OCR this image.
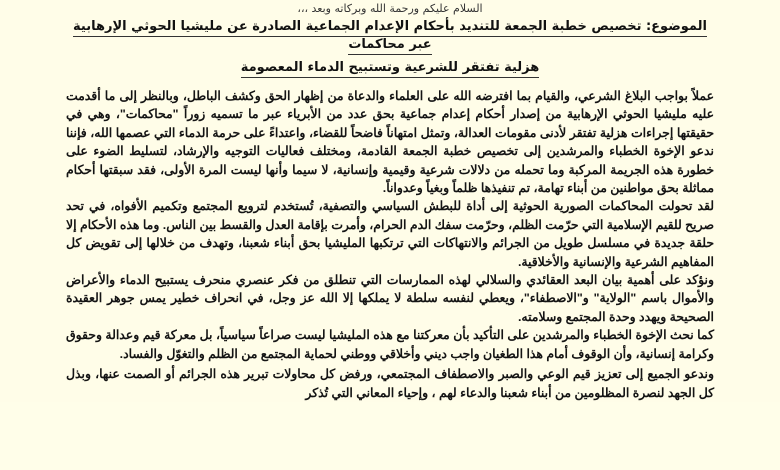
السلام عليكم ورحمة الله وبركاته وبعد ،،،
الموضوع: تخصيص خطبة الجمعة للتنديد بأحكام الإعدام الجماعية الصادرة عن مليشيا الحوثي الإرهابية عبر محاكمات
هزلية تفتقر للشرعية وتستبيح الدماء المعصومة

عملاً بواجب البلاغ الشرعي، والقيام بما افترضه الله على العلماء والدعاة من إظهار الحق وكشف الباطل، وبالنظر إلى ما أقدمت عليه مليشيا الحوثي الإرهابية من إصدار أحكام إعدام جماعية بحق عدد من الأبرياء عبر ما تسميه زوراً "محاكمات"، وهي في حقيقتها إجراءات هزلية تفتقر لأدنى مقومات العدالة، وتمثل امتهاناً فاضحاً للقضاء، واعتداءً على حرمة الدماء التي عصمها الله، فإننا ندعو الإخوة الخطباء والمرشدين إلى تخصيص خطبة الجمعة القادمة، ومختلف فعاليات التوجيه والإرشاد، لتسليط الضوء على خطورة هذه الجريمة المركبة وما تحمله من دلالات شرعية وقيمية وإنسانية، لا سيما وأنها ليست المرة الأولى، فقد سبقتها أحكام مماثلة بحق مواطنين من أبناء تهامة، تم تنفيذها ظلماً وبغياً وعدواناً.

لقد تحولت المحاكمات الصورية الحوثية إلى أداة للبطش السياسي والتصفية، تُستخدم لترويع المجتمع وتكميم الأفواه، في تحد صريح للقيم الإسلامية التي حرّمت الظلم، وحرّمت سفك الدم الحرام، وأمرت بإقامة العدل والقسط بين الناس. وما هذه الأحكام إلا حلقة جديدة في مسلسل طويل من الجرائم والانتهاكات التي ترتكبها المليشيا بحق أبناء شعبنا، وتهدف من خلالها إلى تقويض كل المفاهيم الشرعية والإنسانية والأخلاقية.

ونؤكد على أهمية بيان البعد العقائدي والسلالي لهذه الممارسات التي تنطلق من فكر عنصري منحرف يستبيح الدماء والأعراض والأموال باسم "الولاية" و"الاصطفاء"، ويعطي لنفسه سلطة لا يملكها إلا الله عز وجل، في انحراف خطير يمس جوهر العقيدة الصحيحة ويهدد وحدة المجتمع وسلامته.

كما نحث الإخوة الخطباء والمرشدين على التأكيد بأن معركتنا مع هذه المليشيا ليست صراعاً سياسياً، بل معركة قيم وعدالة وحقوق وكرامة إنسانية، وأن الوقوف أمام هذا الطغيان واجب ديني وأخلاقي ووطني لحماية المجتمع من الظلم والتغوّل والفساد.

وندعو الجميع إلى تعزيز قيم الوعي والصبر والاصطفاف المجتمعي، ورفض كل محاولات تبرير هذه الجرائم أو الصمت عنها، وبذل كل الجهد لنصرة المظلومين من أبناء شعبنا والدعاء لهم ، وإحياء المعاني التي تُذكر
